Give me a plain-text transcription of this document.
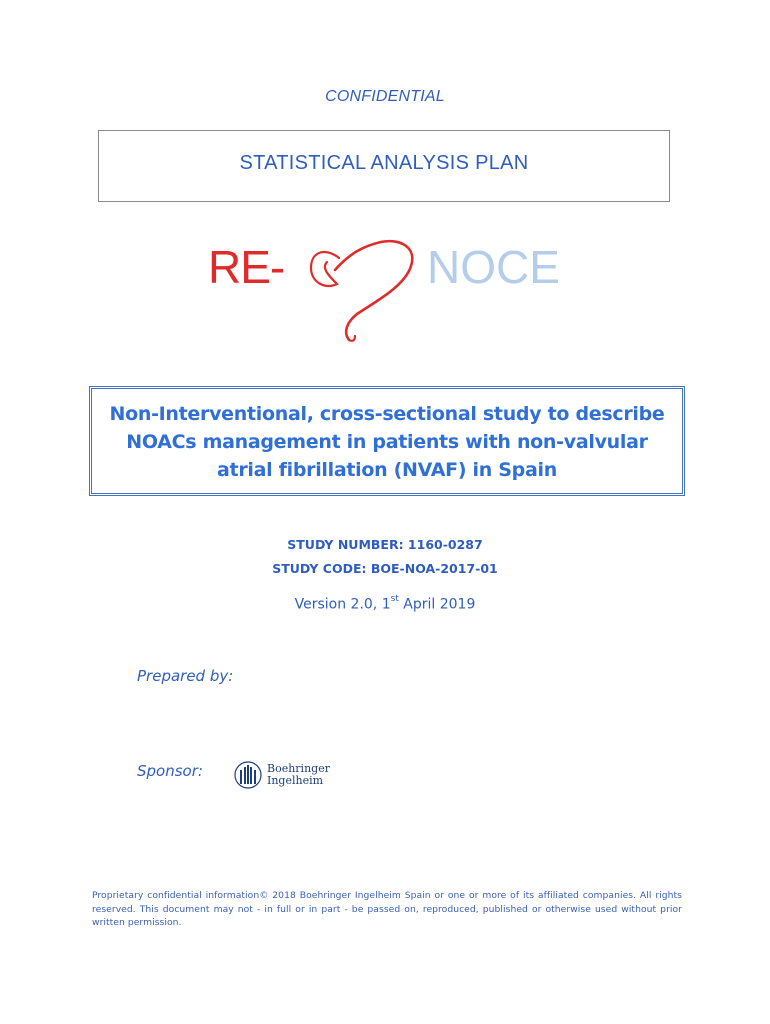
CONFIDENTIAL
STATISTICAL ANALYSIS PLAN
RE-	NOCE
Non-Interventional, cross-sectional study to describe
NOACs management in patients with non-valvular
atrial fibrillation (NVAF) in Spain
STUDY NUMBER: 1160-0287
STUDY CODE: BOE-NOA-2017-01
Version 2.0, 1st April 2019
Prepared by:
Sponsor:	Boehringer
Ingelheim
Proprietary confidential information© 2018 Boehringer Ingelheim Spain or one or more of its affiliated companies. All rights reserved. This document may not - in full or in part - be passed on, reproduced, published or otherwise used without prior written permission.
